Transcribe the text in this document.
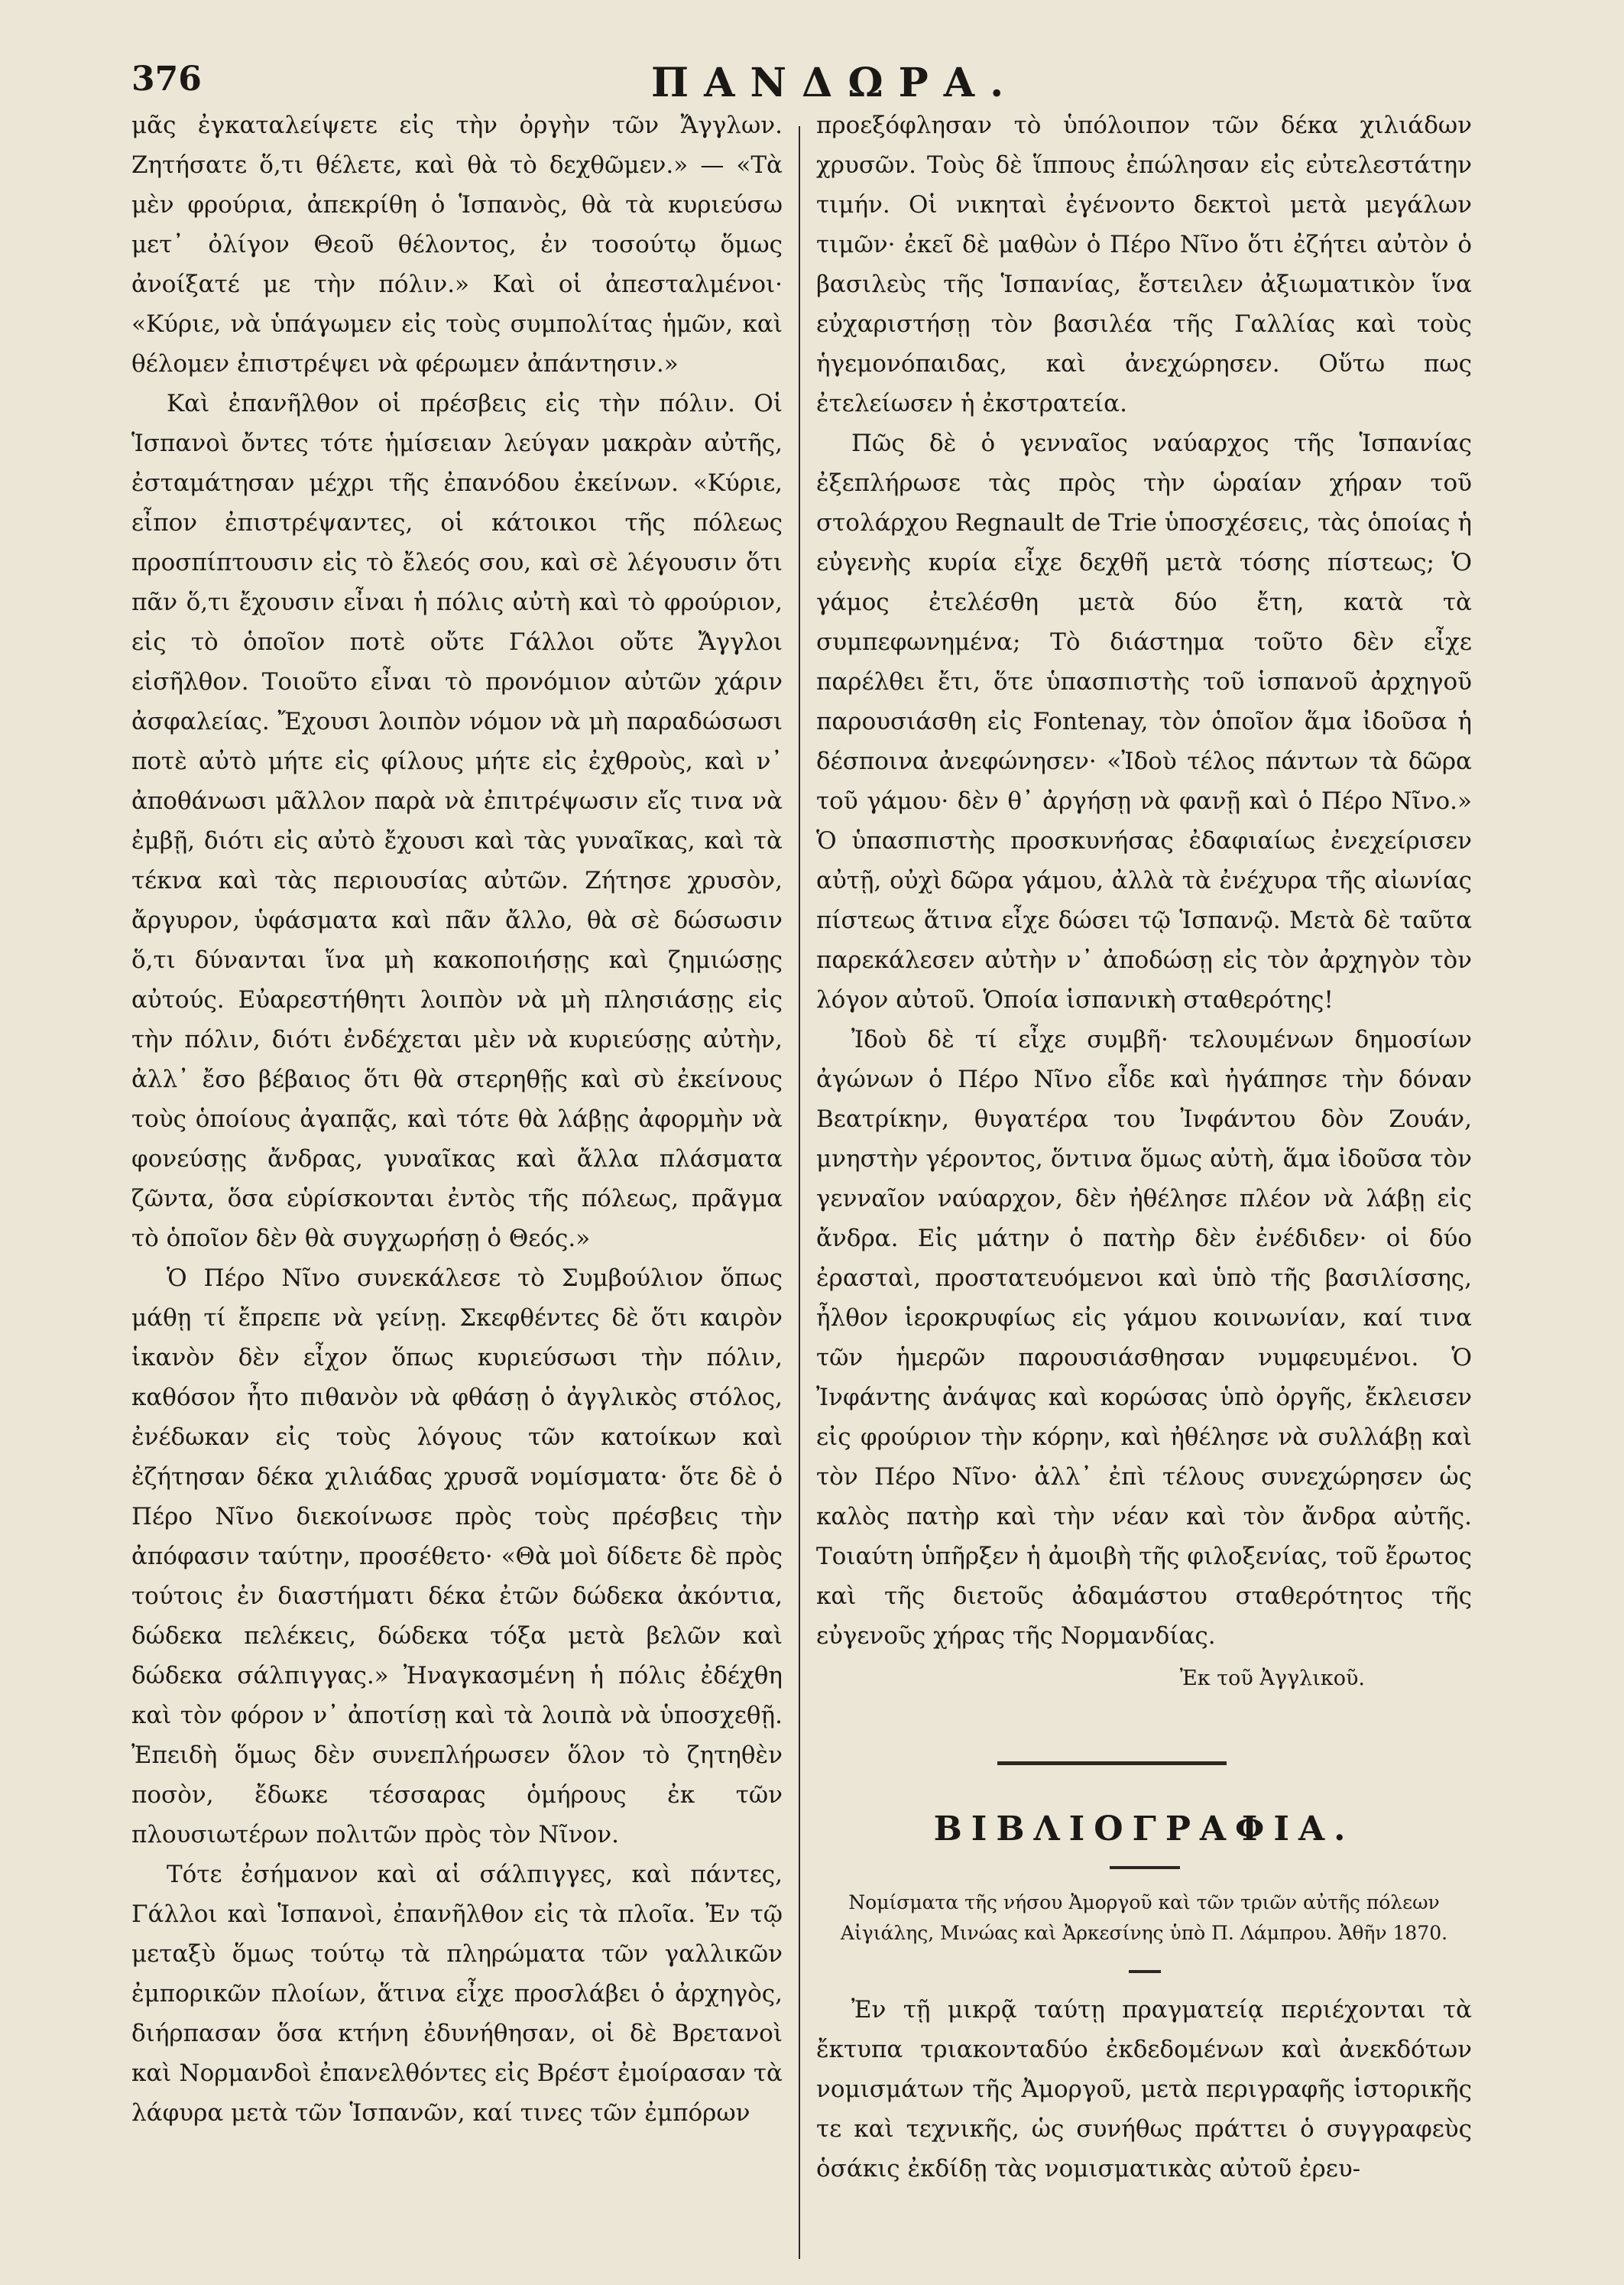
376	ΠΑΝΔΩΡΑ.

μᾶς ἐγκαταλείψετε εἰς τὴν ὀργὴν τῶν Ἄγγλων. Ζητήσατε ὅ,τι θέλετε, καὶ θὰ τὸ δεχθῶμεν.» — «Τὰ μὲν φρούρια, ἀπεκρίθη ὁ Ἱσπανὸς, θὰ τὰ κυριεύσω μετ᾽ ὀλίγον Θεοῦ θέλοντος, ἐν τοσούτῳ ὅμως ἀνοίξατέ με τὴν πόλιν.» Καὶ οἱ ἀπεσταλμένοι· «Κύριε, νὰ ὑπάγωμεν εἰς τοὺς συμπολίτας ἡμῶν, καὶ θέλομεν ἐπιστρέψει νὰ φέρωμεν ἀπάντησιν.»

Καὶ ἐπανῆλθον οἱ πρέσβεις εἰς τὴν πόλιν. Οἱ Ἱσπανοὶ ὄντες τότε ἡμίσειαν λεύγαν μακρὰν αὐτῆς, ἐσταμάτησαν μέχρι τῆς ἐπανόδου ἐκείνων. «Κύριε, εἶπον ἐπιστρέψαντες, οἱ κάτοικοι τῆς πόλεως προσπίπτουσιν εἰς τὸ ἔλεός σου, καὶ σὲ λέγουσιν ὅτι πᾶν ὅ,τι ἔχουσιν εἶναι ἡ πόλις αὐτὴ καὶ τὸ φρούριον, εἰς τὸ ὁποῖον ποτὲ οὔτε Γάλλοι οὔτε Ἄγγλοι εἰσῆλθον. Τοιοῦτο εἶναι τὸ προνόμιον αὐτῶν χάριν ἀσφαλείας. Ἔχουσι λοιπὸν νόμον νὰ μὴ παραδώσωσι ποτὲ αὐτὸ μήτε εἰς φίλους μήτε εἰς ἐχθροὺς, καὶ ν᾽ ἀποθάνωσι μᾶλλον παρὰ νὰ ἐπιτρέψωσιν εἴς τινα νὰ ἐμβῇ, διότι εἰς αὐτὸ ἔχουσι καὶ τὰς γυναῖκας, καὶ τὰ τέκνα καὶ τὰς περιουσίας αὐτῶν. Ζήτησε χρυσὸν, ἄργυρον, ὑφάσματα καὶ πᾶν ἄλλο, θὰ σὲ δώσωσιν ὅ,τι δύνανται ἵνα μὴ κακοποιήσῃς καὶ ζημιώσῃς αὐτούς. Εὐαρεστήθητι λοιπὸν νὰ μὴ πλησιάσῃς εἰς τὴν πόλιν, διότι ἐνδέχεται μὲν νὰ κυριεύσῃς αὐτὴν, ἀλλ᾽ ἔσο βέβαιος ὅτι θὰ στερηθῇς καὶ σὺ ἐκείνους τοὺς ὁποίους ἀγαπᾷς, καὶ τότε θὰ λάβῃς ἀφορμὴν νὰ φονεύσῃς ἄνδρας, γυναῖκας καὶ ἄλλα πλάσματα ζῶντα, ὅσα εὑρίσκονται ἐντὸς τῆς πόλεως, πρᾶγμα τὸ ὁποῖον δὲν θὰ συγχωρήσῃ ὁ Θεός.»

Ὁ Πέρο Νῖνο συνεκάλεσε τὸ Συμβούλιον ὅπως μάθῃ τί ἔπρεπε νὰ γείνῃ. Σκεφθέντες δὲ ὅτι καιρὸν ἱκανὸν δὲν εἶχον ὅπως κυριεύσωσι τὴν πόλιν, καθόσον ἦτο πιθανὸν νὰ φθάσῃ ὁ ἀγγλικὸς στόλος, ἐνέδωκαν εἰς τοὺς λόγους τῶν κατοίκων καὶ ἐζήτησαν δέκα χιλιάδας χρυσᾶ νομίσματα· ὅτε δὲ ὁ Πέρο Νῖνο διεκοίνωσε πρὸς τοὺς πρέσβεις τὴν ἀπόφασιν ταύτην, προσέθετο· «Θὰ μοὶ δίδετε δὲ πρὸς τούτοις ἐν διαστήματι δέκα ἐτῶν δώδεκα ἀκόντια, δώδεκα πελέκεις, δώδεκα τόξα μετὰ βελῶν καὶ δώδεκα σάλπιγγας.» Ἠναγκασμένη ἡ πόλις ἐδέχθη καὶ τὸν φόρον ν᾽ ἀποτίσῃ καὶ τὰ λοιπὰ νὰ ὑποσχεθῇ. Ἐπειδὴ ὅμως δὲν συνεπλήρωσεν ὅλον τὸ ζητηθὲν ποσὸν, ἔδωκε τέσσαρας ὁμήρους ἐκ τῶν πλουσιωτέρων πολιτῶν πρὸς τὸν Νῖνον.

Τότε ἐσήμανον καὶ αἱ σάλπιγγες, καὶ πάντες, Γάλλοι καὶ Ἱσπανοὶ, ἐπανῆλθον εἰς τὰ πλοῖα. Ἐν τῷ μεταξὺ ὅμως τούτῳ τὰ πληρώματα τῶν γαλλικῶν ἐμπορικῶν πλοίων, ἅτινα εἶχε προσλάβει ὁ ἀρχηγὸς, διήρπασαν ὅσα κτήνη ἐδυνήθησαν, οἱ δὲ Βρετανοὶ καὶ Νορμανδοὶ ἐπανελθόντες εἰς Βρέστ ἐμοίρασαν τὰ λάφυρα μετὰ τῶν Ἱσπανῶν, καί τινες τῶν ἐμπόρων

προεξόφλησαν τὸ ὑπόλοιπον τῶν δέκα χιλιάδων χρυσῶν. Τοὺς δὲ ἵππους ἐπώλησαν εἰς εὐτελεστάτην τιμήν. Οἱ νικηταὶ ἐγένοντο δεκτοὶ μετὰ μεγάλων τιμῶν· ἐκεῖ δὲ μαθὼν ὁ Πέρο Νῖνο ὅτι ἐζήτει αὐτὸν ὁ βασιλεὺς τῆς Ἱσπανίας, ἔστειλεν ἀξιωματικὸν ἵνα εὐχαριστήσῃ τὸν βασιλέα τῆς Γαλλίας καὶ τοὺς ἡγεμονόπαιδας, καὶ ἀνεχώρησεν. Οὕτω πως ἐτελείωσεν ἡ ἐκστρατεία.

Πῶς δὲ ὁ γενναῖος ναύαρχος τῆς Ἱσπανίας ἐξεπλήρωσε τὰς πρὸς τὴν ὡραίαν χήραν τοῦ στολάρχου Regnault de Trie ὑποσχέσεις, τὰς ὁποίας ἡ εὐγενὴς κυρία εἶχε δεχθῆ μετὰ τόσης πίστεως; Ὁ γάμος ἐτελέσθη μετὰ δύο ἔτη, κατὰ τὰ συμπεφωνημένα; Τὸ διάστημα τοῦτο δὲν εἶχε παρέλθει ἔτι, ὅτε ὑπασπιστὴς τοῦ ἱσπανοῦ ἀρχηγοῦ παρουσιάσθη εἰς Fontenay, τὸν ὁποῖον ἅμα ἰδοῦσα ἡ δέσποινα ἀνεφώνησεν· «Ἰδοὺ τέλος πάντων τὰ δῶρα τοῦ γάμου· δὲν θ᾽ ἀργήσῃ νὰ φανῇ καὶ ὁ Πέρο Νῖνο.» Ὁ ὑπασπιστὴς προσκυνήσας ἐδαφιαίως ἐνεχείρισεν αὐτῇ, οὐχὶ δῶρα γάμου, ἀλλὰ τὰ ἐνέχυρα τῆς αἰωνίας πίστεως ἅτινα εἶχε δώσει τῷ Ἱσπανῷ. Μετὰ δὲ ταῦτα παρεκάλεσεν αὐτὴν ν᾽ ἀποδώσῃ εἰς τὸν ἀρχηγὸν τὸν λόγον αὐτοῦ. Ὁποία ἱσπανικὴ σταθερότης!

Ἰδοὺ δὲ τί εἶχε συμβῆ· τελουμένων δημοσίων ἀγώνων ὁ Πέρο Νῖνο εἶδε καὶ ἠγάπησε τὴν δόναν Βεατρίκην, θυγατέρα του Ἰνφάντου δὸν Ζουάν, μνηστὴν γέροντος, ὅντινα ὅμως αὐτὴ, ἅμα ἰδοῦσα τὸν γενναῖον ναύαρχον, δὲν ἠθέλησε πλέον νὰ λάβῃ εἰς ἄνδρα. Εἰς μάτην ὁ πατὴρ δὲν ἐνέδιδεν· οἱ δύο ἐρασταὶ, προστατευόμενοι καὶ ὑπὸ τῆς βασιλίσσης, ἦλθον ἱεροκρυφίως εἰς γάμου κοινωνίαν, καί τινα τῶν ἡμερῶν παρουσιάσθησαν νυμφευμένοι. Ὁ Ἰνφάντης ἀνάψας καὶ κορώσας ὑπὸ ὀργῆς, ἔκλεισεν εἰς φρούριον τὴν κόρην, καὶ ἠθέλησε νὰ συλλάβῃ καὶ τὸν Πέρο Νῖνο· ἀλλ᾽ ἐπὶ τέλους συνεχώρησεν ὡς καλὸς πατὴρ καὶ τὴν νέαν καὶ τὸν ἄνδρα αὐτῆς. Τοιαύτη ὑπῆρξεν ἡ ἀμοιβὴ τῆς φιλοξενίας, τοῦ ἔρωτος καὶ τῆς διετοῦς ἀδαμάστου σταθερότητος τῆς εὐγενοῦς χήρας τῆς Νορμανδίας.

Ἐκ τοῦ Ἀγγλικοῦ.
ΒΙΒΛΙΟΓΡΑΦΙΑ.
Νομίσματα τῆς νήσου Ἀμοργοῦ καὶ τῶν τριῶν αὐτῆς πόλεων Αἰγιάλης, Μινώας καὶ Ἀρκεσίνης ὑπὸ Π. Λάμπρου. Ἀθῆν 1870.

Ἐν τῇ μικρᾷ ταύτῃ πραγματείᾳ περιέχονται τὰ ἔκτυπα τριακονταδύο ἐκδεδομένων καὶ ἀνεκδότων νομισμάτων τῆς Ἀμοργοῦ, μετὰ περιγραφῆς ἱστορικῆς τε καὶ τεχνικῆς, ὡς συνήθως πράττει ὁ συγγραφεὺς ὁσάκις ἐκδίδῃ τὰς νομισματικὰς αὐτοῦ ἐρευ-
